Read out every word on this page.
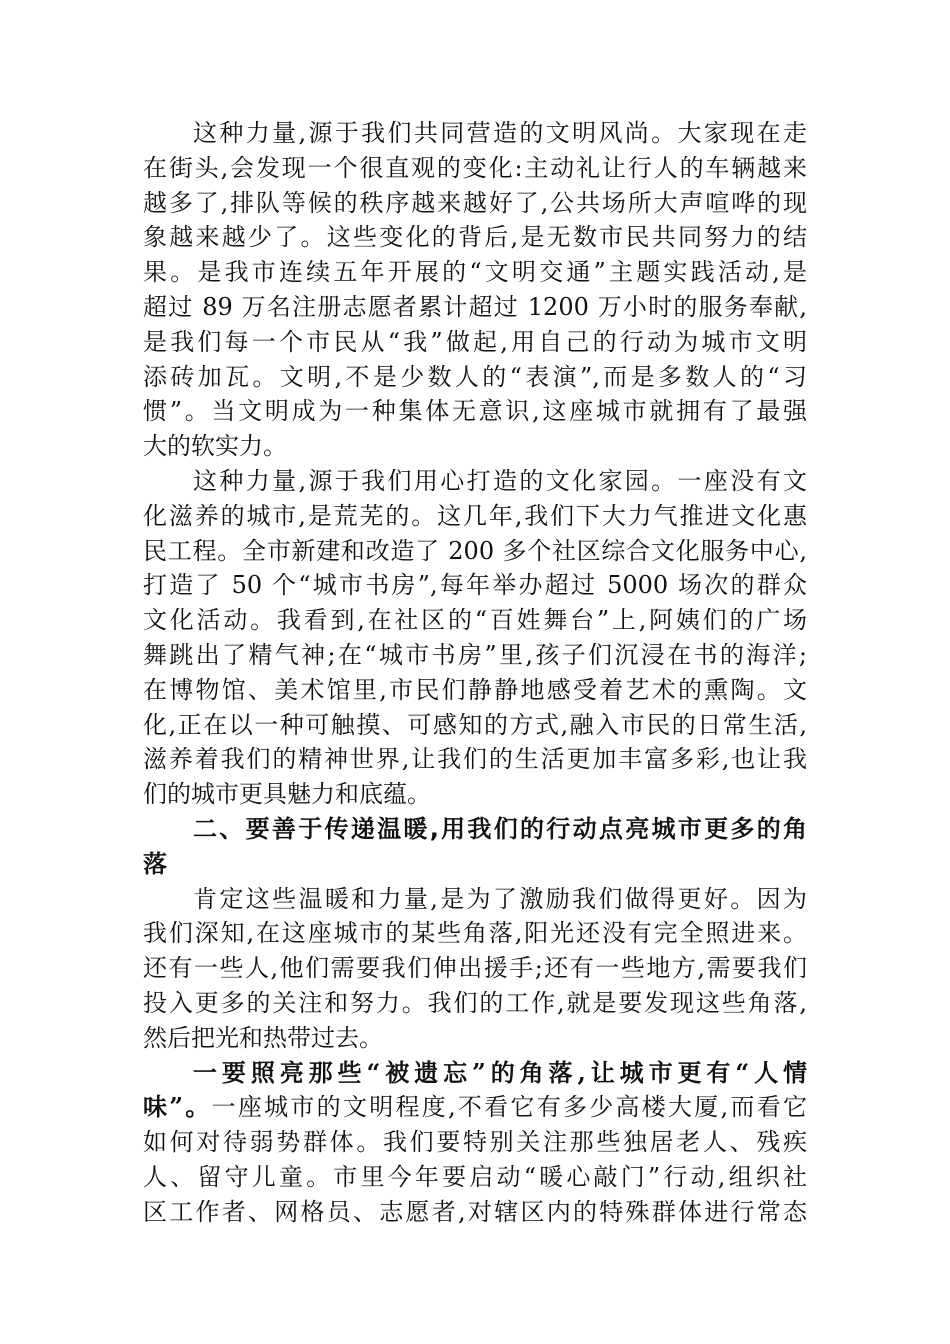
这种力量,源于我们共同营造的文明风尚。大家现在走
在街头,会发现一个很直观的变化:主动礼让行人的车辆越来
越多了,排队等候的秩序越来越好了,公共场所大声喧哗的现
象越来越少了。这些变化的背后,是无数市民共同努力的结
果。是我市连续五年开展的“文明交通”主题实践活动,是
超过 89 万名注册志愿者累计超过 1200 万小时的服务奉献,
是我们每一个市民从“我”做起,用自己的行动为城市文明
添砖加瓦。文明,不是少数人的“表演”,而是多数人的“习
惯”。当文明成为一种集体无意识,这座城市就拥有了最强
大的软实力。
这种力量,源于我们用心打造的文化家园。一座没有文
化滋养的城市,是荒芜的。这几年,我们下大力气推进文化惠
民工程。全市新建和改造了 200 多个社区综合文化服务中心,
打造了 50 个“城市书房”,每年举办超过 5000 场次的群众
文化活动。我看到,在社区的“百姓舞台”上,阿姨们的广场
舞跳出了精气神;在“城市书房”里,孩子们沉浸在书的海洋;
在博物馆、美术馆里,市民们静静地感受着艺术的熏陶。文
化,正在以一种可触摸、可感知的方式,融入市民的日常生活,
滋养着我们的精神世界,让我们的生活更加丰富多彩,也让我
们的城市更具魅力和底蕴。
二、要善于传递温暖,用我们的行动点亮城市更多的角
落
肯定这些温暖和力量,是为了激励我们做得更好。因为
我们深知,在这座城市的某些角落,阳光还没有完全照进来。
还有一些人,他们需要我们伸出援手;还有一些地方,需要我们
投入更多的关注和努力。我们的工作,就是要发现这些角落,
然后把光和热带过去。
一要照亮那些“被遗忘”的角落,让城市更有“人情
味”。一座城市的文明程度,不看它有多少高楼大厦,而看它
如何对待弱势群体。我们要特别关注那些独居老人、残疾
人、留守儿童。市里今年要启动“暖心敲门”行动,组织社
区工作者、网格员、志愿者,对辖区内的特殊群体进行常态
